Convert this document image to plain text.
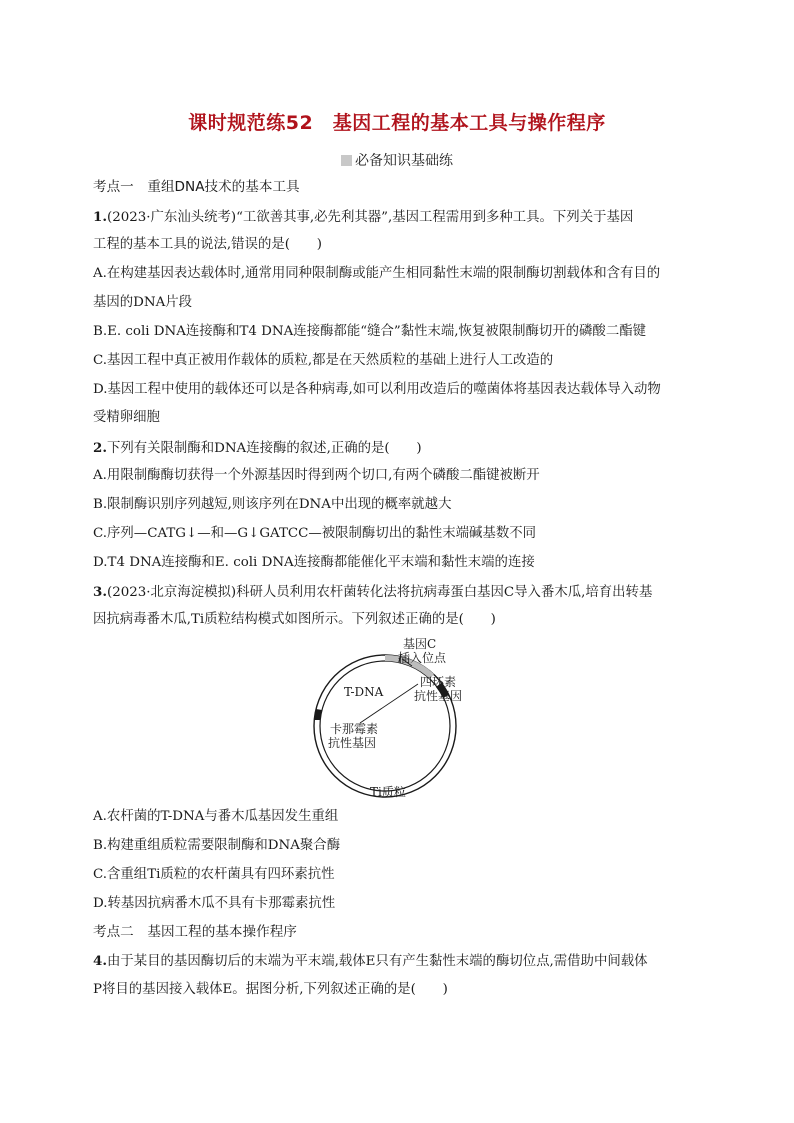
课时规范练52　基因工程的基本工具与操作程序
必备知识基础练
考点一　重组DNA技术的基本工具
1.(2023·广东汕头统考)“工欲善其事,必先利其器”,基因工程需用到多种工具。下列关于基因
工程的基本工具的说法,错误的是(　　)
A.在构建基因表达载体时,通常用同种限制酶或能产生相同黏性末端的限制酶切割载体和含有目的
基因的DNA片段
B.E. coli DNA连接酶和T4 DNA连接酶都能“缝合”黏性末端,恢复被限制酶切开的磷酸二酯键
C.基因工程中真正被用作载体的质粒,都是在天然质粒的基础上进行人工改造的
D.基因工程中使用的载体还可以是各种病毒,如可以利用改造后的噬菌体将基因表达载体导入动物
受精卵细胞
2.下列有关限制酶和DNA连接酶的叙述,正确的是(　　)
A.用限制酶酶切获得一个外源基因时得到两个切口,有两个磷酸二酯键被断开
B.限制酶识别序列越短,则该序列在DNA中出现的概率就越大
C.序列—CATG↓—和—G↓GATCC—被限制酶切出的黏性末端碱基数不同
D.T4 DNA连接酶和E. coli DNA连接酶都能催化平末端和黏性末端的连接
3.(2023·北京海淀模拟)科研人员利用农杆菌转化法将抗病毒蛋白基因C导入番木瓜,培育出转基
因抗病毒番木瓜,Ti质粒结构模式如图所示。下列叙述正确的是(　　)
基因C
插入位点
T-DNA
四环素
抗性基因
卡那霉素
抗性基因
Ti质粒
A.农杆菌的T-DNA与番木瓜基因发生重组
B.构建重组质粒需要限制酶和DNA聚合酶
C.含重组Ti质粒的农杆菌具有四环素抗性
D.转基因抗病番木瓜不具有卡那霉素抗性
考点二　基因工程的基本操作程序
4.由于某目的基因酶切后的末端为平末端,载体E只有产生黏性末端的酶切位点,需借助中间载体
P将目的基因接入载体E。据图分析,下列叙述正确的是(　　)
